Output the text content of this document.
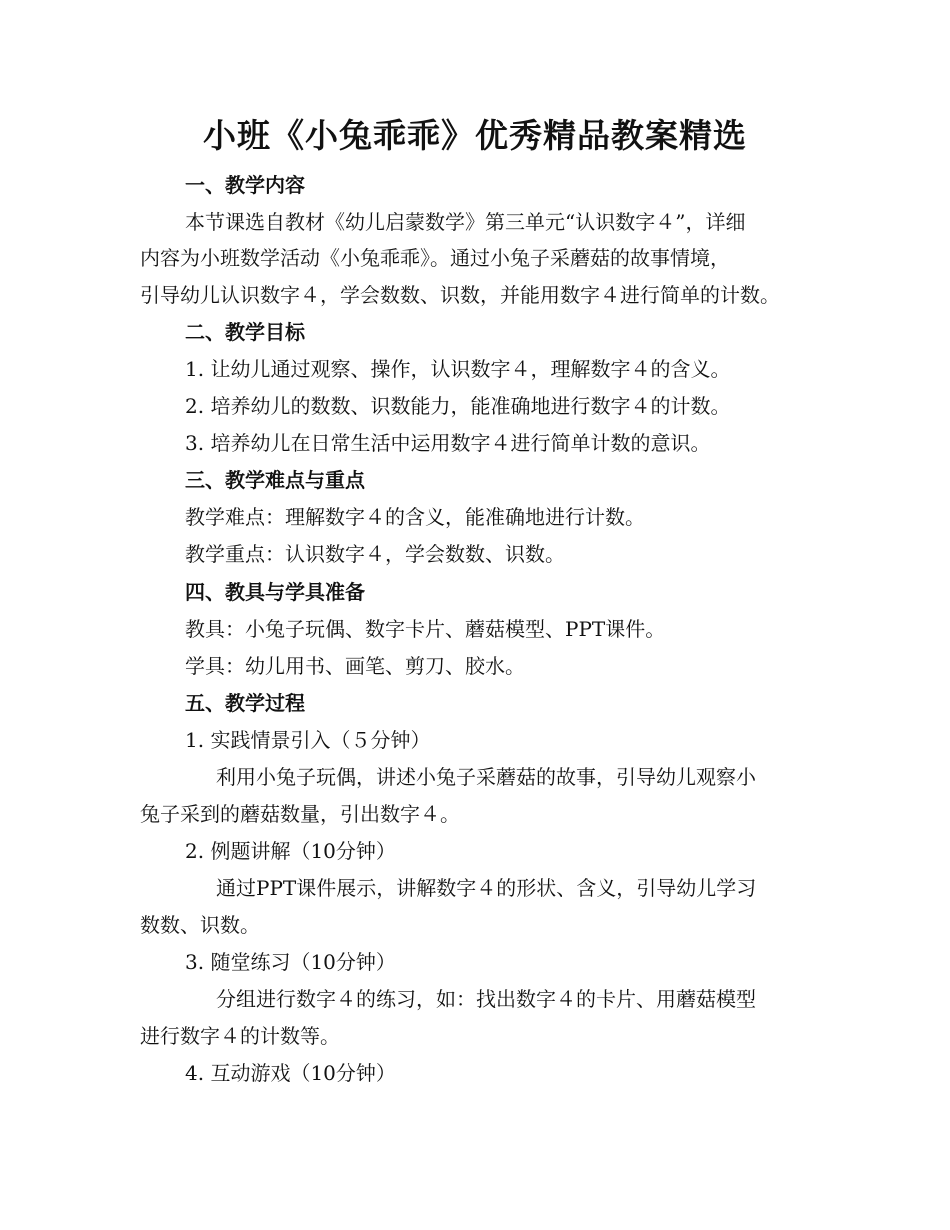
小班《小兔乖乖》优秀精品教案精选
一、教学内容
本节课选自教材《幼儿启蒙数学》第三单元“认识数字４”，详细
内容为小班数学活动《小兔乖乖》。通过小兔子采蘑菇的故事情境，
引导幼儿认识数字４，学会数数、识数，并能用数字４进行简单的计数。
二、教学目标
1. 让幼儿通过观察、操作，认识数字４，理解数字４的含义。
2. 培养幼儿的数数、识数能力，能准确地进行数字４的计数。
3. 培养幼儿在日常生活中运用数字４进行简单计数的意识。
三、教学难点与重点
教学难点：理解数字４的含义，能准确地进行计数。
教学重点：认识数字４，学会数数、识数。
四、教具与学具准备
教具：小兔子玩偶、数字卡片、蘑菇模型、PPT课件。
学具：幼儿用书、画笔、剪刀、胶水。
五、教学过程
1. 实践情景引入（５分钟）
利用小兔子玩偶，讲述小兔子采蘑菇的故事，引导幼儿观察小
兔子采到的蘑菇数量，引出数字４。
2. 例题讲解（10分钟）
通过PPT课件展示，讲解数字４的形状、含义，引导幼儿学习
数数、识数。
3. 随堂练习（10分钟）
分组进行数字４的练习，如：找出数字４的卡片、用蘑菇模型
进行数字４的计数等。
4. 互动游戏（10分钟）
